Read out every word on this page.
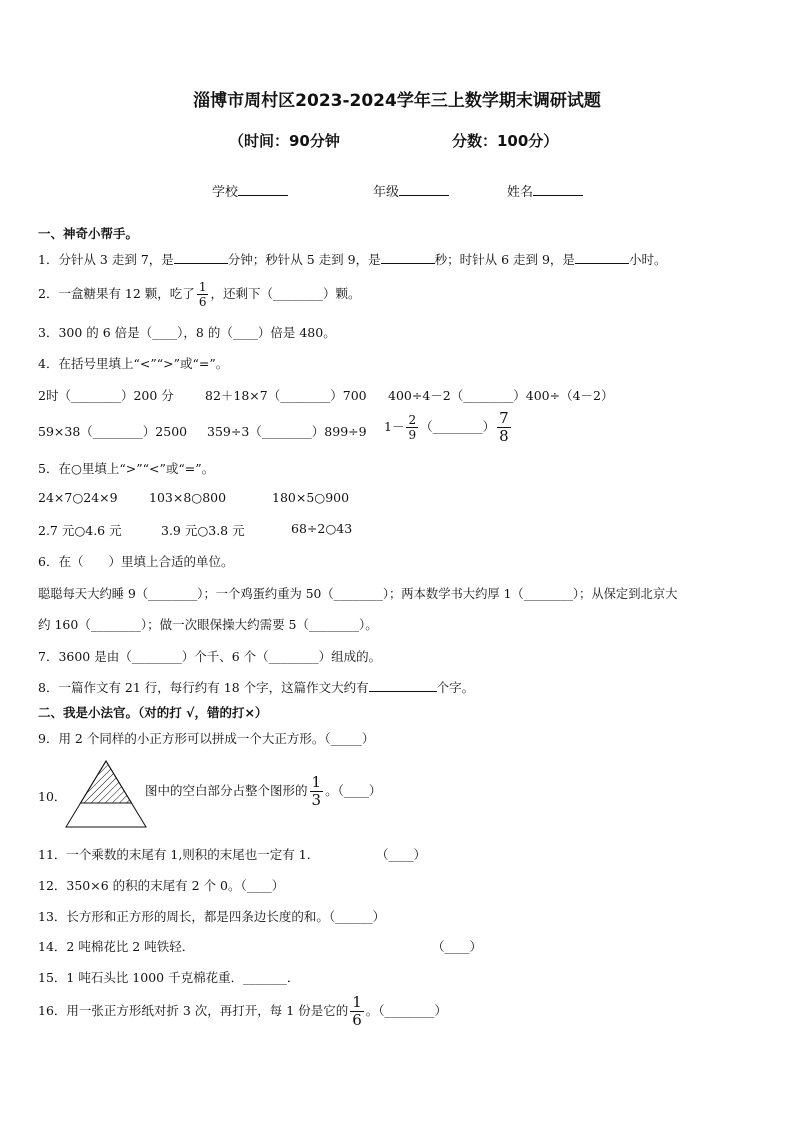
淄博市周村区2023-2024学年三上数学期末调研试题
（时间：90分钟	分数：100分）
学校	年级	姓名
一、神奇小帮手。
1．分针从 3 走到 7，是	分钟；秒针从 5 走到 9，是	秒；时针从 6 走到 9，是	小时。
2．一盒糖果有 12 颗，吃了 $\frac{1}{6}$ ，还剩下（________）颗。
3．300 的 6 倍是（____），8 的（____）倍是 480。
4．在括号里填上“<”“>”或“=”。
2时（________）200 分 82＋18×7（________）700 400÷4－2（________）400÷（4－2）
59×38（________）2500 359÷3（________）899÷9 $1- \frac{2}{9}$ （________） $\frac{7}{8}$
5．在○里填上“>”“<”或“=”。
24×7○24×9	103×8○800	180×5○900
2.7 元○4.6 元	3.9 元○3.8 元	68÷2○43
6．在（　　）里填上合适的单位。
聪聪每天大约睡 9（________）；一个鸡蛋约重为 50（________）；两本数学书大约厚 1（________）；从保定到北京大
约 160（________）；做一次眼保操大约需要 5（________）。
7．3600 是由（________）个千、6 个（________）组成的。
8．一篇作文有 21 行，每行约有 18 个字，这篇作文大约有	个字。
二、我是小法官。（对的打 √，错的打×）
9．用 2 个同样的小正方形可以拼成一个大正方形。（_____）
10．	图中的空白部分占整个图形的 $\frac{1}{3}$ 。（____）
11．一个乘数的末尾有 1,则积的末尾也一定有 1．	（____）
12．350×6 的积的末尾有 2 个 0。（____）
13．长方形和正方形的周长，都是四条边长度的和。（______）
14．2 吨棉花比 2 吨铁轻．	（____）
15．1 吨石头比 1000 千克棉花重．_______．
16．用一张正方形纸对折 3 次，再打开，每 1 份是它的 $\frac{1}{6}$ 。（________）
